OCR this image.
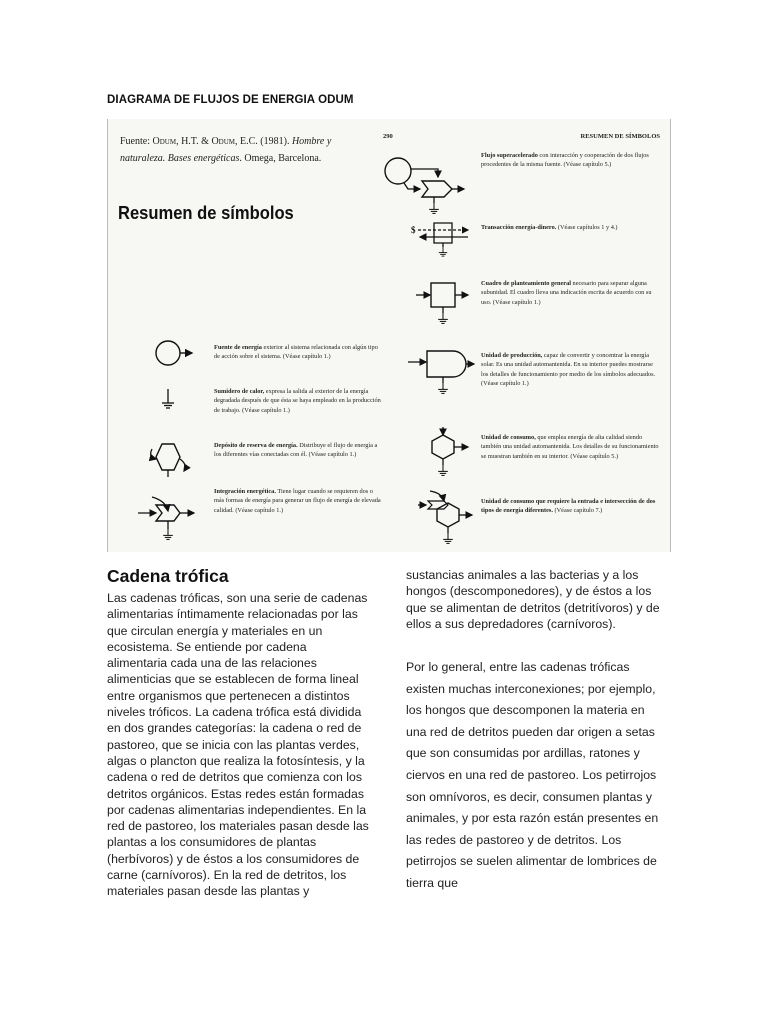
DIAGRAMA DE FLUJOS DE ENERGIA ODUM
Fuente: Odum, H.T. & Odum, E.C. (1981). Hombre y naturaleza. Bases energéticas. Omega, Barcelona.
Resumen de símbolos
290	RESUMEN DE SÍMBOLOS
Fuente de energía exterior al sistema relacionada con algún tipo de acción sobre el sistema. (Véase capítulo 1.)
Sumidero de calor, expresa la salida al exterior de la energía degradada después de que ésta se haya empleado en la producción de trabajo. (Véase capítulo 1.)
Depósito de reserva de energía. Distribuye el flujo de energía a los diferentes vías conectadas con él. (Véase capítulo 1.)
Integración energética. Tiene lugar cuando se requieren dos o más formas de energía para generar un flujo de energía de elevada calidad. (Véase capítulo 1.)
Flujo superacelerado con interacción y cooperación de dos flujos procedentes de la misma fuente. (Véase capítulo 5.)
Transacción energía-dinero. (Véase capítulos 1 y 4.)
Cuadro de planteamiento general necesario para separar alguna subunidad. El cuadro lleva una indicación escrita de acuerdo con su uso. (Véase capítulo 1.)
Unidad de producción, capaz de convertir y concentrar la energía solar. Es una unidad automantenida. En su interior puedes mostrarse los detalles de funcionamiento por medio de los símbolos adecuados. (Véase capítulo 1.)
Unidad de consumo, que emplea energía de alta calidad siendo también una unidad automantenida. Los detalles de su funcionamiento se muestran también en su interior. (Véase capítulo 5.)
Unidad de consumo que requiere la entrada e intersección de dos tipos de energía diferentes. (Véase capítulo 7.)
$
Cadena trófica
Las cadenas tróficas, son una serie de cadenas alimentarias íntimamente relacionadas por las que circulan energía y materiales en un ecosistema. Se entiende por cadena alimentaria cada una de las relaciones alimenticias que se establecen de forma lineal entre organismos que pertenecen a distintos niveles tróficos. La cadena trófica está dividida en dos grandes categorías: la cadena o red de pastoreo, que se inicia con las plantas verdes, algas o plancton que realiza la fotosíntesis, y la cadena o red de detritos que comienza con los detritos orgánicos. Estas redes están formadas por cadenas alimentarias independientes. En la red de pastoreo, los materiales pasan desde las plantas a los consumidores de plantas (herbívoros) y de éstos a los consumidores de carne (carnívoros). En la red de detritos, los materiales pasan desde las plantas y
sustancias animales a las bacterias y a los hongos (descomponedores), y de éstos a los que se alimentan de detritos (detritívoros) y de ellos a sus depredadores (carnívoros).
Por lo general, entre las cadenas tróficas existen muchas interconexiones; por ejemplo, los hongos que descomponen la materia en una red de detritos pueden dar origen a setas que son consumidas por ardillas, ratones y ciervos en una red de pastoreo. Los petirrojos son omnívoros, es decir, consumen plantas y animales, y por esta razón están presentes en las redes de pastoreo y de detritos. Los petirrojos se suelen alimentar de lombrices de tierra que
